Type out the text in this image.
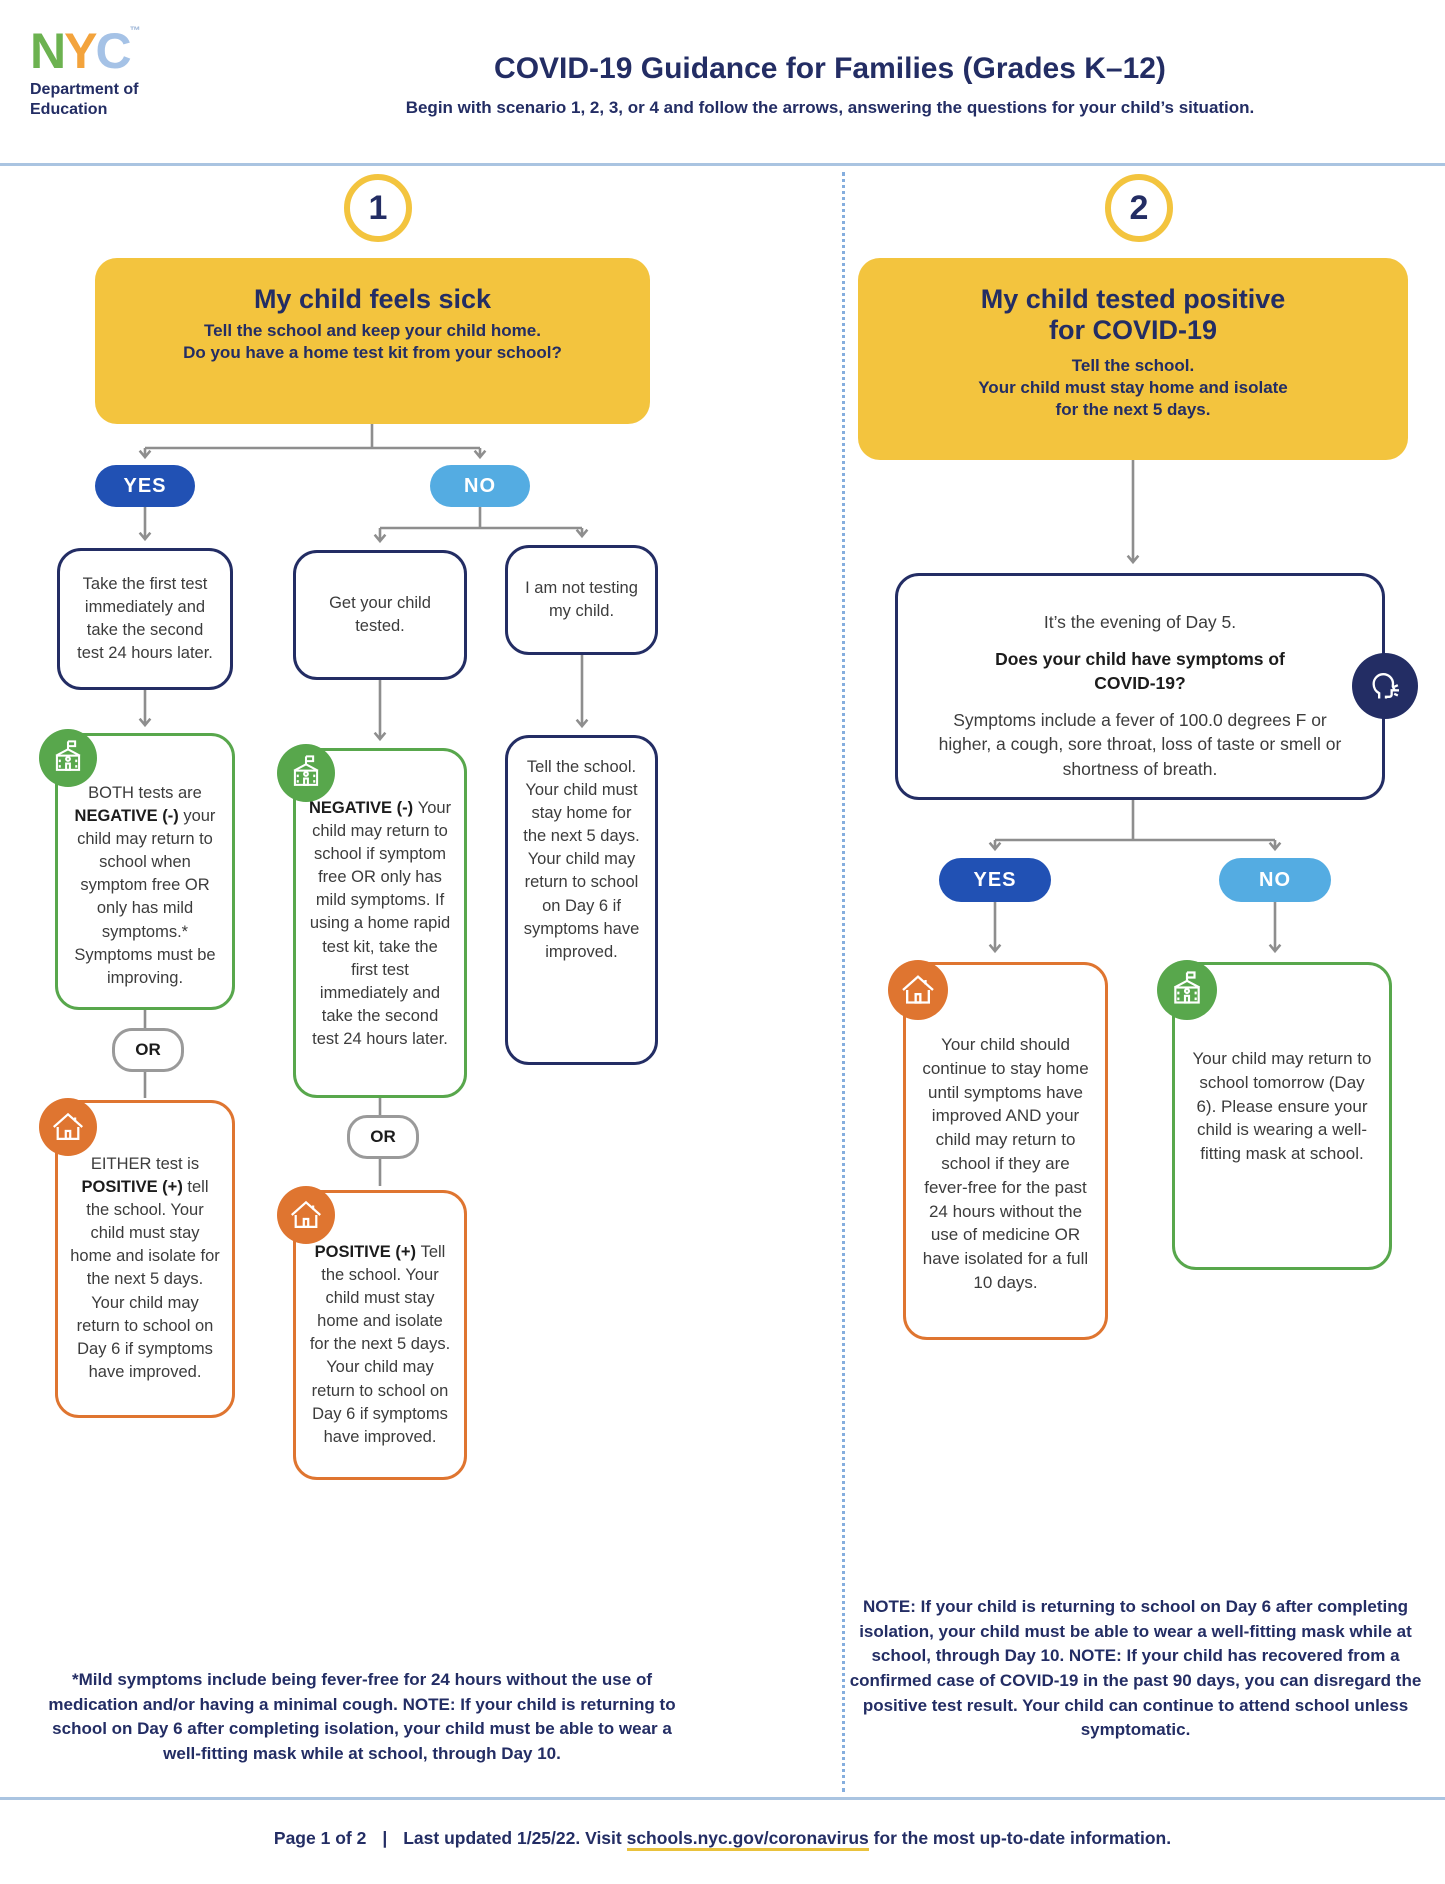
NYC™
Department of
Education
COVID-19 Guidance for Families (Grades K–12)
Begin with scenario 1, 2, 3, or 4 and follow the arrows, answering the questions for your child’s situation.
1
My child feels sick
Tell the school and keep your child home.
Do you have a home test kit from your school?
YES	NO
Take the first test immediately and take the second test 24 hours later.
BOTH tests are NEGATIVE (-) your child may return to school when symptom free OR only has mild symptoms.* Symptoms must be improving.
OR
EITHER test is POSITIVE (+) tell the school. Your child must stay home and isolate for the next 5 days. Your child may return to school on Day 6 if symptoms have improved.
Get your child tested.
NEGATIVE (-) Your child may return to school if symptom free OR only has mild symptoms. If using a home rapid test kit, take the first test immediately and take the second test 24 hours later.
OR
POSITIVE (+) Tell the school. Your child must stay home and isolate for the next 5 days. Your child may return to school on Day 6 if symptoms have improved.
I am not testing my child.
Tell the school. Your child must stay home for the next 5 days. Your child may return to school on Day 6 if symptoms have improved.
2
My child tested positive
for COVID-19
Tell the school.
Your child must stay home and isolate
for the next 5 days.
It’s the evening of Day 5.
Does your child have symptoms of COVID-19?
Symptoms include a fever of 100.0 degrees F or higher, a cough, sore throat, loss of taste or smell or shortness of breath.
YES	NO
Your child should continue to stay home until symptoms have improved AND your child may return to school if they are fever-free for the past 24 hours without the use of medicine OR have isolated for a full 10 days.
Your child may return to school tomorrow (Day 6). Please ensure your child is wearing a well-fitting mask at school.
*Mild symptoms include being fever-free for 24 hours without the use of medication and/or having a minimal cough. NOTE: If your child is returning to school on Day 6 after completing isolation, your child must be able to wear a well-fitting mask while at school, through Day 10.
NOTE: If your child is returning to school on Day 6 after completing isolation, your child must be able to wear a well-fitting mask while at school, through Day 10. NOTE: If your child has recovered from a confirmed case of COVID-19 in the past 90 days, you can disregard the positive test result. Your child can continue to attend school unless symptomatic.
Page 1 of 2 | Last updated 1/25/22. Visit schools.nyc.gov/coronavirus for the most up-to-date information.
